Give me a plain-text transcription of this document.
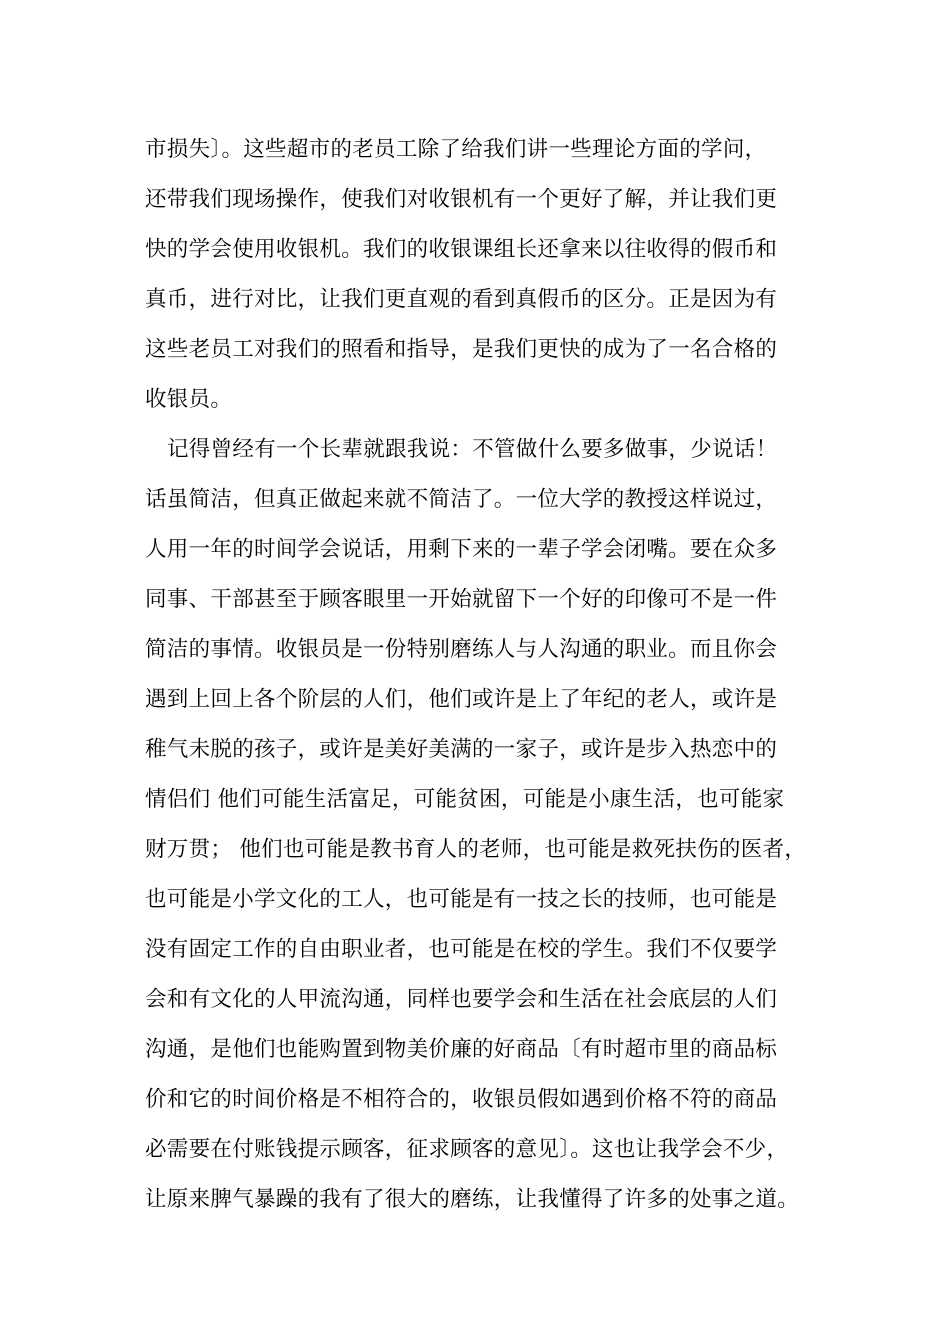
市损失〕。这些超市的老员工除了给我们讲一些理论方面的学问，
还带我们现场操作，使我们对收银机有一个更好了解，并让我们更
快的学会使用收银机。我们的收银课组长还拿来以往收得的假币和
真币，进行对比，让我们更直观的看到真假币的区分。正是因为有
这些老员工对我们的照看和指导，是我们更快的成为了一名合格的
收银员。
记得曾经有一个长辈就跟我说：不管做什么要多做事，少说话！
话虽简洁，但真正做起来就不简洁了。一位大学的教授这样说过，
人用一年的时间学会说话，用剩下来的一辈子学会闭嘴。要在众多
同事、干部甚至于顾客眼里一开始就留下一个好的印像可不是一件
简洁的事情。收银员是一份特别磨练人与人沟通的职业。而且你会
遇到上回上各个阶层的人们，他们或许是上了年纪的老人，或许是
稚气未脱的孩子，或许是美好美满的一家子，或许是步入热恋中的
情侣们 他们可能生活富足，可能贫困，可能是小康生活，也可能家
财万贯； 他们也可能是教书育人的老师，也可能是救死扶伤的医者，
也可能是小学文化的工人，也可能是有一技之长的技师，也可能是
没有固定工作的自由职业者，也可能是在校的学生。我们不仅要学
会和有文化的人甲流沟通，同样也要学会和生活在社会底层的人们
沟通，是他们也能购置到物美价廉的好商品〔有时超市里的商品标
价和它的时间价格是不相符合的，收银员假如遇到价格不符的商品
必需要在付账钱提示顾客，征求顾客的意见〕。这也让我学会不少，
让原来脾气暴躁的我有了很大的磨练，让我懂得了许多的处事之道。
